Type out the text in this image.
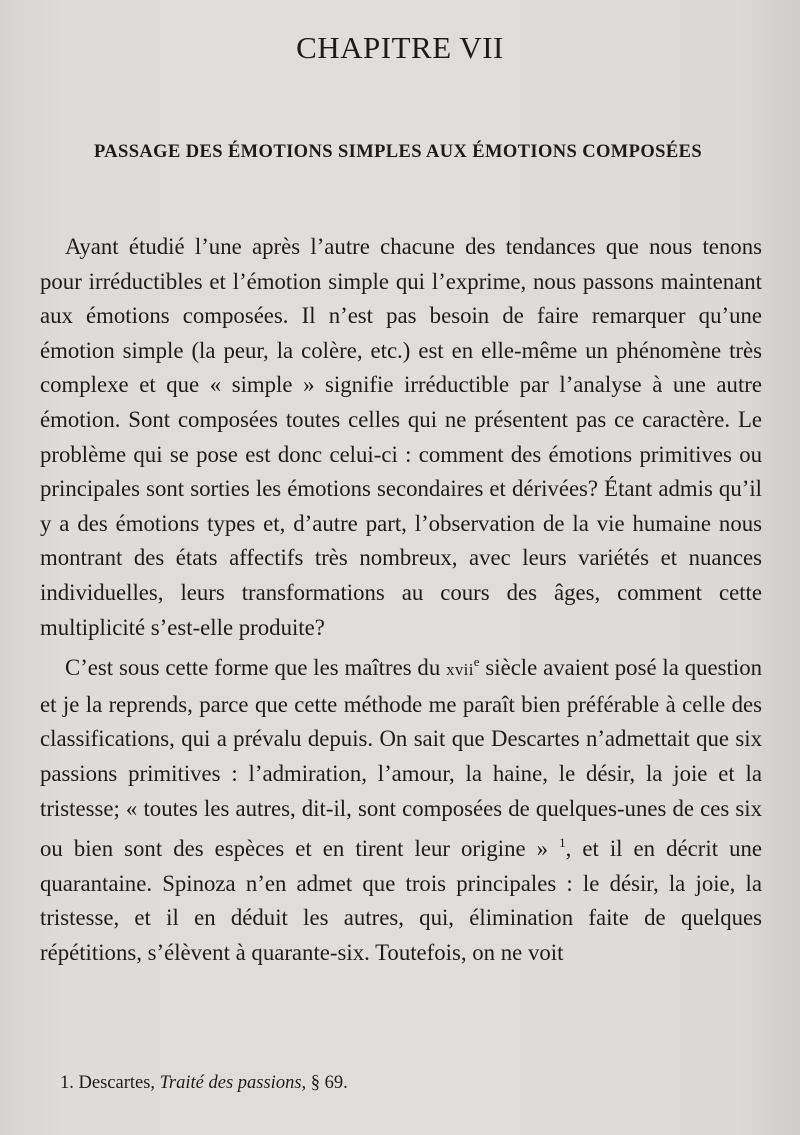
CHAPITRE VII
PASSAGE DES ÉMOTIONS SIMPLES AUX ÉMOTIONS COMPOSÉES

Ayant étudié l’une après l’autre chacune des tendances que nous tenons pour irréductibles et l’émotion simple qui l’exprime, nous passons maintenant aux émotions composées. Il n’est pas besoin de faire remarquer qu’une émotion simple (la peur, la colère, etc.) est en elle-même un phénomène très complexe et que « simple » signifie irréductible par l’analyse à une autre émotion. Sont composées toutes celles qui ne présentent pas ce caractère. Le problème qui se pose est donc celui-ci : comment des émotions primitives ou principales sont sorties les émotions secondaires et dérivées? Étant admis qu’il y a des émotions types et, d’autre part, l’observation de la vie humaine nous montrant des états affectifs très nombreux, avec leurs variétés et nuances individuelles, leurs transformations au cours des âges, comment cette multiplicité s’est-elle produite?

C’est sous cette forme que les maîtres du xvii$^e$ siècle avaient posé la question et je la reprends, parce que cette méthode me paraît bien préférable à celle des classifications, qui a prévalu depuis. On sait que Descartes n’admettait que six passions primitives : l’admiration, l’amour, la haine, le désir, la joie et la tristesse; « toutes les autres, dit-il, sont composées de quelques-unes de ces six ou bien sont des espèces et en tirent leur origine » $^1$, et il en décrit une quarantaine. Spinoza n’en admet que trois principales : le désir, la joie, la tristesse, et il en déduit les autres, qui, élimination faite de quelques répétitions, s’élèvent à quarante-six. Toutefois, on ne voit

1. Descartes, Traité des passions, § 69.
